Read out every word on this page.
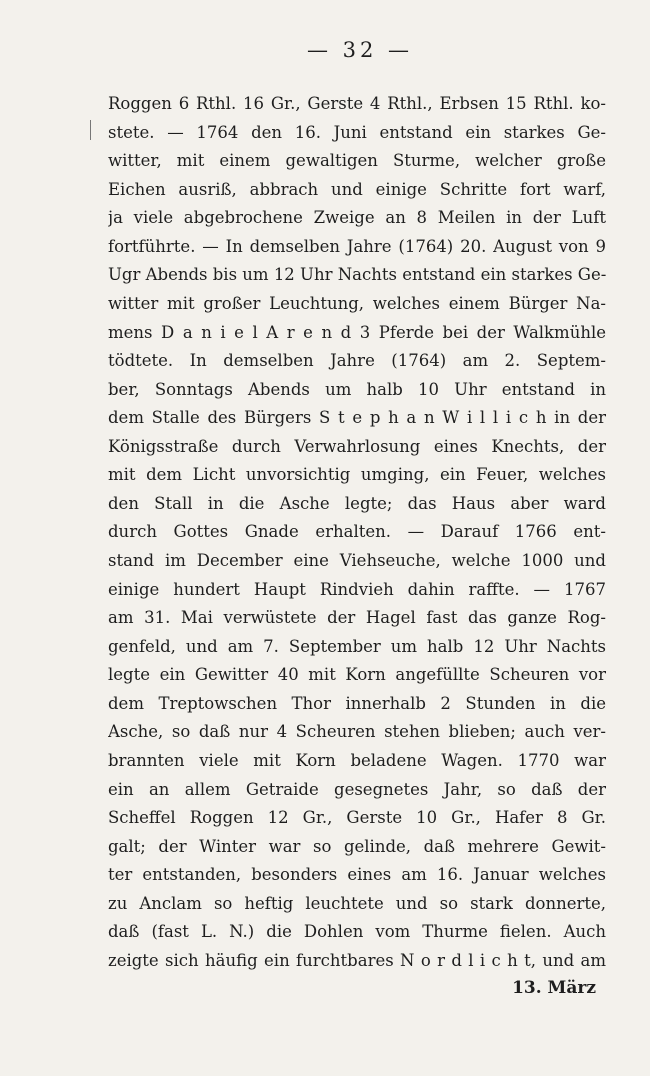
— 32 —
Roggen 6 Rthl. 16 Gr., Gerste 4 Rthl., Erbsen 15 Rthl. ko-
stete. — 1764 den 16. Juni entstand ein starkes Ge-
witter, mit einem gewaltigen Sturme, welcher große
Eichen ausriß, abbrach und einige Schritte fort warf,
ja viele abgebrochene Zweige an 8 Meilen in der Luft
fortführte. — In demselben Jahre (1764) 20. August von 9
Ugr Abends bis um 12 Uhr Nachts entstand ein starkes Ge-
witter mit großer Leuchtung, welches einem Bürger Na-
mens D a n i e l A r e n d 3 Pferde bei der Walkmühle
tödtete. In demselben Jahre (1764) am 2. Septem-
ber, Sonntags Abends um halb 10 Uhr entstand in
dem Stalle des Bürgers S t e p h a n W i l l i c h in der
Königsstraße durch Verwahrlosung eines Knechts, der
mit dem Licht unvorsichtig umging, ein Feuer, welches
den Stall in die Asche legte; das Haus aber ward
durch Gottes Gnade erhalten. — Darauf 1766 ent-
stand im December eine Viehseuche, welche 1000 und
einige hundert Haupt Rindvieh dahin raffte. — 1767
am 31. Mai verwüstete der Hagel fast das ganze Rog-
genfeld, und am 7. September um halb 12 Uhr Nachts
legte ein Gewitter 40 mit Korn angefüllte Scheuren vor
dem Treptowschen Thor innerhalb 2 Stunden in die
Asche, so daß nur 4 Scheuren stehen blieben; auch ver-
brannten viele mit Korn beladene Wagen. 1770 war
ein an allem Getraide gesegnetes Jahr, so daß der
Scheffel Roggen 12 Gr., Gerste 10 Gr., Hafer 8 Gr.
galt; der Winter war so gelinde, daß mehrere Gewit-
ter entstanden, besonders eines am 16. Januar welches
zu Anclam so heftig leuchtete und so stark donnerte,
daß (fast L. N.) die Dohlen vom Thurme fielen. Auch
zeigte sich häufig ein furchtbares N o r d l i c h t, und am
13. März
